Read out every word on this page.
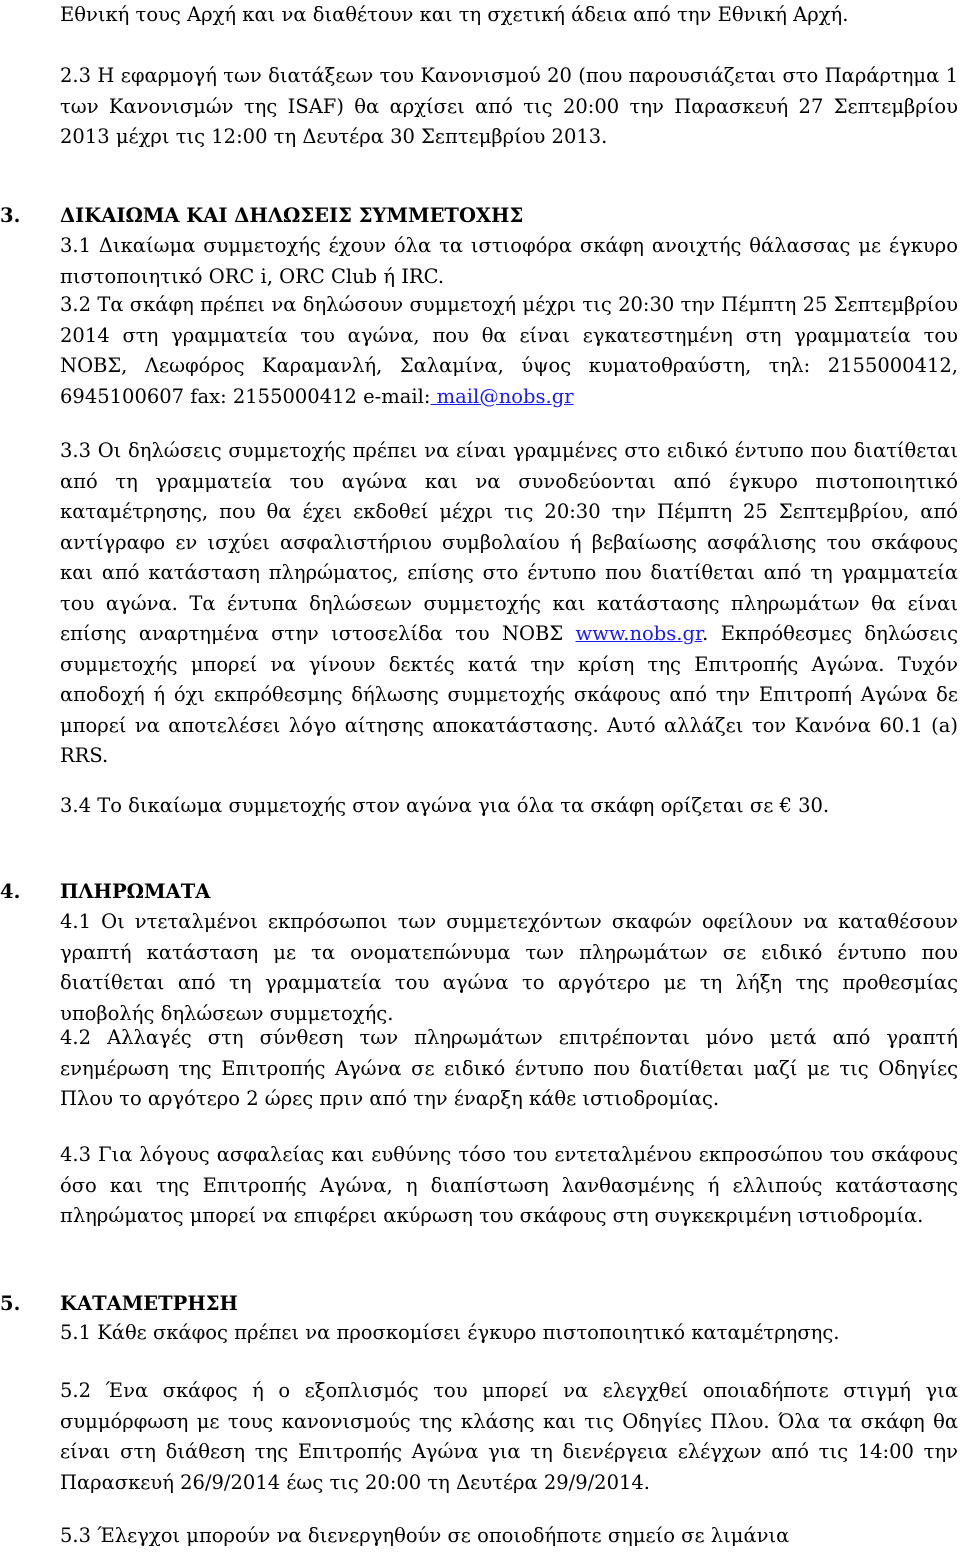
Εθνική τους Αρχή και να διαθέτουν και τη σχετική άδεια από την Εθνική Αρχή.
2.3 Η εφαρμογή των διατάξεων του Κανονισμού 20 (που παρουσιάζεται στο Παράρτημα 1 των Κανονισμών της ISAF) θα αρχίσει από τις 20:00 την Παρασκευή 27 Σεπτεμβρίου 2013 μέχρι τις 12:00 τη Δευτέρα 30 Σεπτεμβρίου 2013.
3. ΔΙΚΑΙΩΜΑ ΚΑΙ ΔΗΛΩΣΕΙΣ ΣΥΜΜΕΤΟΧΗΣ
3.1 Δικαίωμα συμμετοχής έχουν όλα τα ιστιοφόρα σκάφη ανοιχτής θάλασσας με έγκυρο πιστοποιητικό ORC i, ORC Club ή IRC.
3.2 Τα σκάφη πρέπει να δηλώσουν συμμετοχή μέχρι τις 20:30 την Πέμπτη 25 Σεπτεμβρίου 2014 στη γραμματεία του αγώνα, που θα είναι εγκατεστημένη στη γραμματεία του ΝΟΒΣ, Λεωφόρος Καραμανλή, Σαλαμίνα, ύψος κυματοθραύστη, τηλ: 2155000412, 6945100607 fax: 2155000412 e-mail: mail@nobs.gr
3.3 Οι δηλώσεις συμμετοχής πρέπει να είναι γραμμένες στο ειδικό έντυπο που διατίθεται από τη γραμματεία του αγώνα και να συνοδεύονται από έγκυρο πιστοποιητικό καταμέτρησης, που θα έχει εκδοθεί μέχρι τις 20:30 την Πέμπτη 25 Σεπτεμβρίου, από αντίγραφο εν ισχύει ασφαλιστήριου συμβολαίου ή βεβαίωσης ασφάλισης του σκάφους και από κατάσταση πληρώματος, επίσης στο έντυπο που διατίθεται από τη γραμματεία του αγώνα. Τα έντυπα δηλώσεων συμμετοχής και κατάστασης πληρωμάτων θα είναι επίσης αναρτημένα στην ιστοσελίδα του ΝΟΒΣ www.nobs.gr. Εκπρόθεσμες δηλώσεις συμμετοχής μπορεί να γίνουν δεκτές κατά την κρίση της Επιτροπής Αγώνα. Τυχόν αποδοχή ή όχι εκπρόθεσμης δήλωσης συμμετοχής σκάφους από την Επιτροπή Αγώνα δε μπορεί να αποτελέσει λόγο αίτησης αποκατάστασης. Αυτό αλλάζει τον Κανόνα 60.1 (a) RRS.
3.4 Το δικαίωμα συμμετοχής στον αγώνα για όλα τα σκάφη ορίζεται σε € 30.
4. ΠΛΗΡΩΜΑΤΑ
4.1 Οι ντεταλμένοι εκπρόσωποι των συμμετεχόντων σκαφών οφείλουν να καταθέσουν γραπτή κατάσταση με τα ονοματεπώνυμα των πληρωμάτων σε ειδικό έντυπο που διατίθεται από τη γραμματεία του αγώνα το αργότερο με τη λήξη της προθεσμίας υποβολής δηλώσεων συμμετοχής.
4.2 Αλλαγές στη σύνθεση των πληρωμάτων επιτρέπονται μόνο μετά από γραπτή ενημέρωση της Επιτροπής Αγώνα σε ειδικό έντυπο που διατίθεται μαζί με τις Οδηγίες Πλου το αργότερο 2 ώρες πριν από την έναρξη κάθε ιστιοδρομίας.
4.3 Για λόγους ασφαλείας και ευθύνης τόσο του εντεταλμένου εκπροσώπου του σκάφους όσο και της Επιτροπής Αγώνα, η διαπίστωση λανθασμένης ή ελλιπούς κατάστασης πληρώματος μπορεί να επιφέρει ακύρωση του σκάφους στη συγκεκριμένη ιστιοδρομία.
5. ΚΑΤΑΜΕΤΡΗΣΗ
5.1 Κάθε σκάφος πρέπει να προσκομίσει έγκυρο πιστοποιητικό καταμέτρησης.
5.2 Ένα σκάφος ή ο εξοπλισμός του μπορεί να ελεγχθεί οποιαδήποτε στιγμή για συμμόρφωση με τους κανονισμούς της κλάσης και τις Οδηγίες Πλου. Όλα τα σκάφη θα είναι στη διάθεση της Επιτροπής Αγώνα για τη διενέργεια ελέγχων από τις 14:00 την Παρασκευή 26/9/2014 έως τις 20:00 τη Δευτέρα 29/9/2014.
5.3 Έλεγχοι μπορούν να διενεργηθούν σε οποιοδήποτε σημείο σε λιμάνια
